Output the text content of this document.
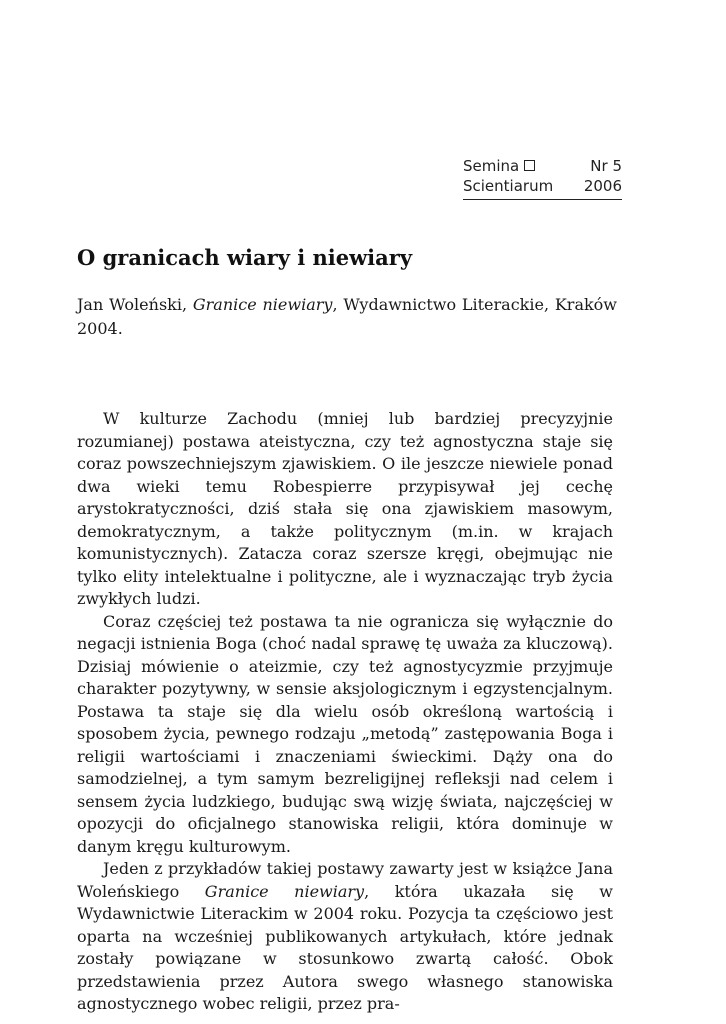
Semina	Nr 5
Scientiarum 2006
O granicach wiary i niewiary

Jan Woleński, Granice niewiary, Wydawnictwo Literackie, Kraków 2004.

W kulturze Zachodu (mniej lub bardziej precyzyjnie rozumianej) postawa ateistyczna, czy też agnostyczna staje się coraz powszechniejszym zjawiskiem. O ile jeszcze niewiele ponad dwa wieki temu Robespierre przypisywał jej cechę arystokratyczności, dziś stała się ona zjawiskiem masowym, demokratycznym, a także politycznym (m.in. w krajach komunistycznych). Zatacza coraz szersze kręgi, obejmując nie tylko elity intelektualne i polityczne, ale i wyznaczając tryb życia zwykłych ludzi.

Coraz częściej też postawa ta nie ogranicza się wyłącznie do negacji istnienia Boga (choć nadal sprawę tę uważa za kluczową). Dzisiaj mówienie o ateizmie, czy też agnostycyzmie przyjmuje charakter pozytywny, w sensie aksjologicznym i egzystencjalnym. Postawa ta staje się dla wielu osób określoną wartością i sposobem życia, pewnego rodzaju „metodą” zastępowania Boga i religii wartościami i znaczeniami świeckimi. Dąży ona do samodzielnej, a tym samym bezreligijnej refleksji nad celem i sensem życia ludzkiego, budując swą wizję świata, najczęściej w opozycji do oficjalnego stanowiska religii, która dominuje w danym kręgu kulturowym.

Jeden z przykładów takiej postawy zawarty jest w książce Jana Woleńskiego Granice niewiary, która ukazała się w Wydawnictwie Literackim w 2004 roku. Pozycja ta częściowo jest oparta na wcześniej publikowanych artykułach, które jednak zostały powiązane w stosunkowo zwartą całość. Obok przedstawienia przez Autora swego własnego stanowiska agnostycznego wobec religii, przez pra-
